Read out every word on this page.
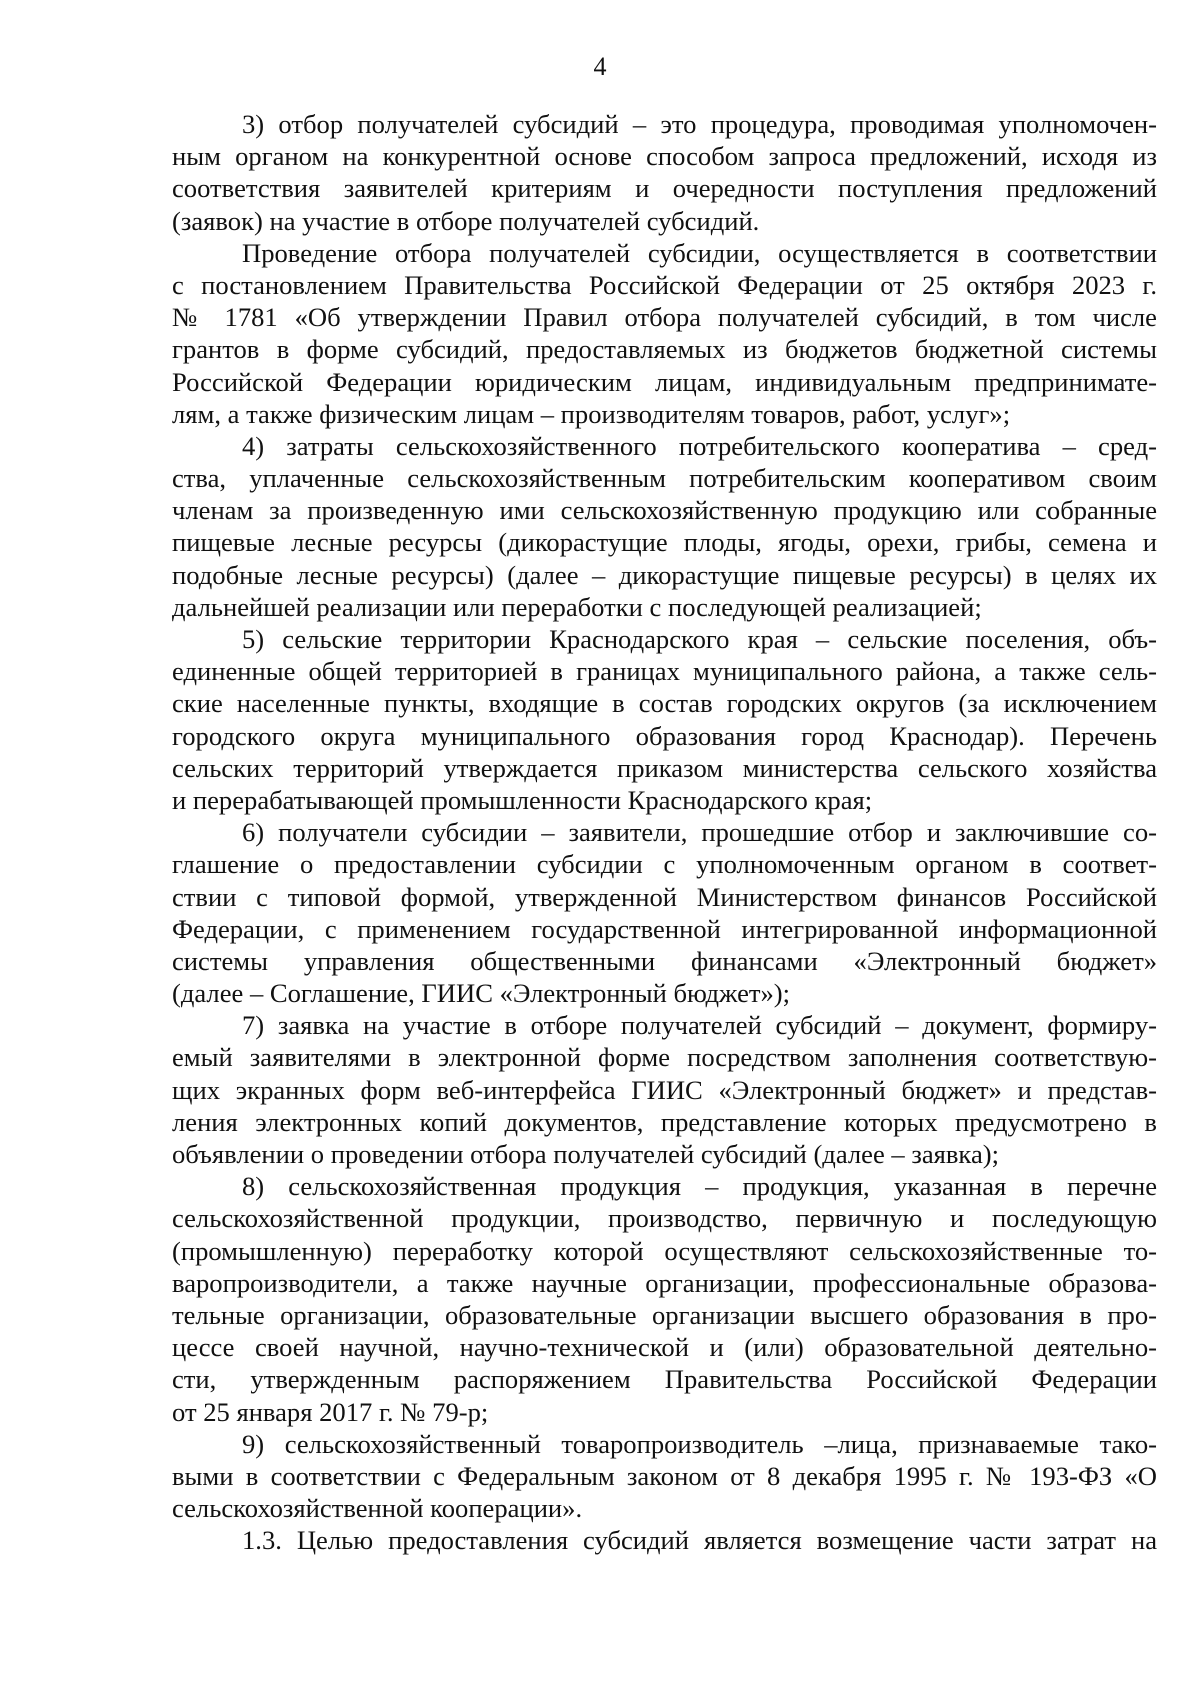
4
3) отбор получателей субсидий – это процедура, проводимая уполномочен-
ным органом на конкурентной основе способом запроса предложений, исходя из
соответствия заявителей критериям и очередности поступления предложений
(заявок) на участие в отборе получателей субсидий.
Проведение отбора получателей субсидии, осуществляется в соответствии
с постановлением Правительства Российской Федерации от 25 октября 2023 г.
№ 1781 «Об утверждении Правил отбора получателей субсидий, в том числе
грантов в форме субсидий, предоставляемых из бюджетов бюджетной системы
Российской Федерации юридическим лицам, индивидуальным предпринимате-
лям, а также физическим лицам – производителям товаров, работ, услуг»;
4) затраты сельскохозяйственного потребительского кооператива – сред-
ства, уплаченные сельскохозяйственным потребительским кооперативом своим
членам за произведенную ими сельскохозяйственную продукцию или собранные
пищевые лесные ресурсы (дикорастущие плоды, ягоды, орехи, грибы, семена и
подобные лесные ресурсы) (далее – дикорастущие пищевые ресурсы) в целях их
дальнейшей реализации или переработки с последующей реализацией;
5) сельские территории Краснодарского края – сельские поселения, объ-
единенные общей территорией в границах муниципального района, а также сель-
ские населенные пункты, входящие в состав городских округов (за исключением
городского округа муниципального образования город Краснодар). Перечень
сельских территорий утверждается приказом министерства сельского хозяйства
и перерабатывающей промышленности Краснодарского края;
6) получатели субсидии – заявители, прошедшие отбор и заключившие со-
глашение о предоставлении субсидии с уполномоченным органом в соответ-
ствии с типовой формой, утвержденной Министерством финансов Российской
Федерации, с применением государственной интегрированной информационной
системы управления общественными финансами «Электронный бюджет»
(далее – Соглашение, ГИИС «Электронный бюджет»);
7) заявка на участие в отборе получателей субсидий – документ, формиру-
емый заявителями в электронной форме посредством заполнения соответствую-
щих экранных форм веб-интерфейса ГИИС «Электронный бюджет» и представ-
ления электронных копий документов, представление которых предусмотрено в
объявлении о проведении отбора получателей субсидий (далее – заявка);
8) сельскохозяйственная продукция – продукция, указанная в перечне
сельскохозяйственной продукции, производство, первичную и последующую
(промышленную) переработку которой осуществляют сельскохозяйственные то-
варопроизводители, а также научные организации, профессиональные образова-
тельные организации, образовательные организации высшего образования в про-
цессе своей научной, научно-технической и (или) образовательной деятельно-
сти, утвержденным распоряжением Правительства Российской Федерации
от 25 января 2017 г. № 79-р;
9) сельскохозяйственный товаропроизводитель –лица, признаваемые тако-
выми в соответствии с Федеральным законом от 8 декабря 1995 г. № 193-ФЗ «О
сельскохозяйственной кооперации».
1.3. Целью предоставления субсидий является возмещение части затрат на
